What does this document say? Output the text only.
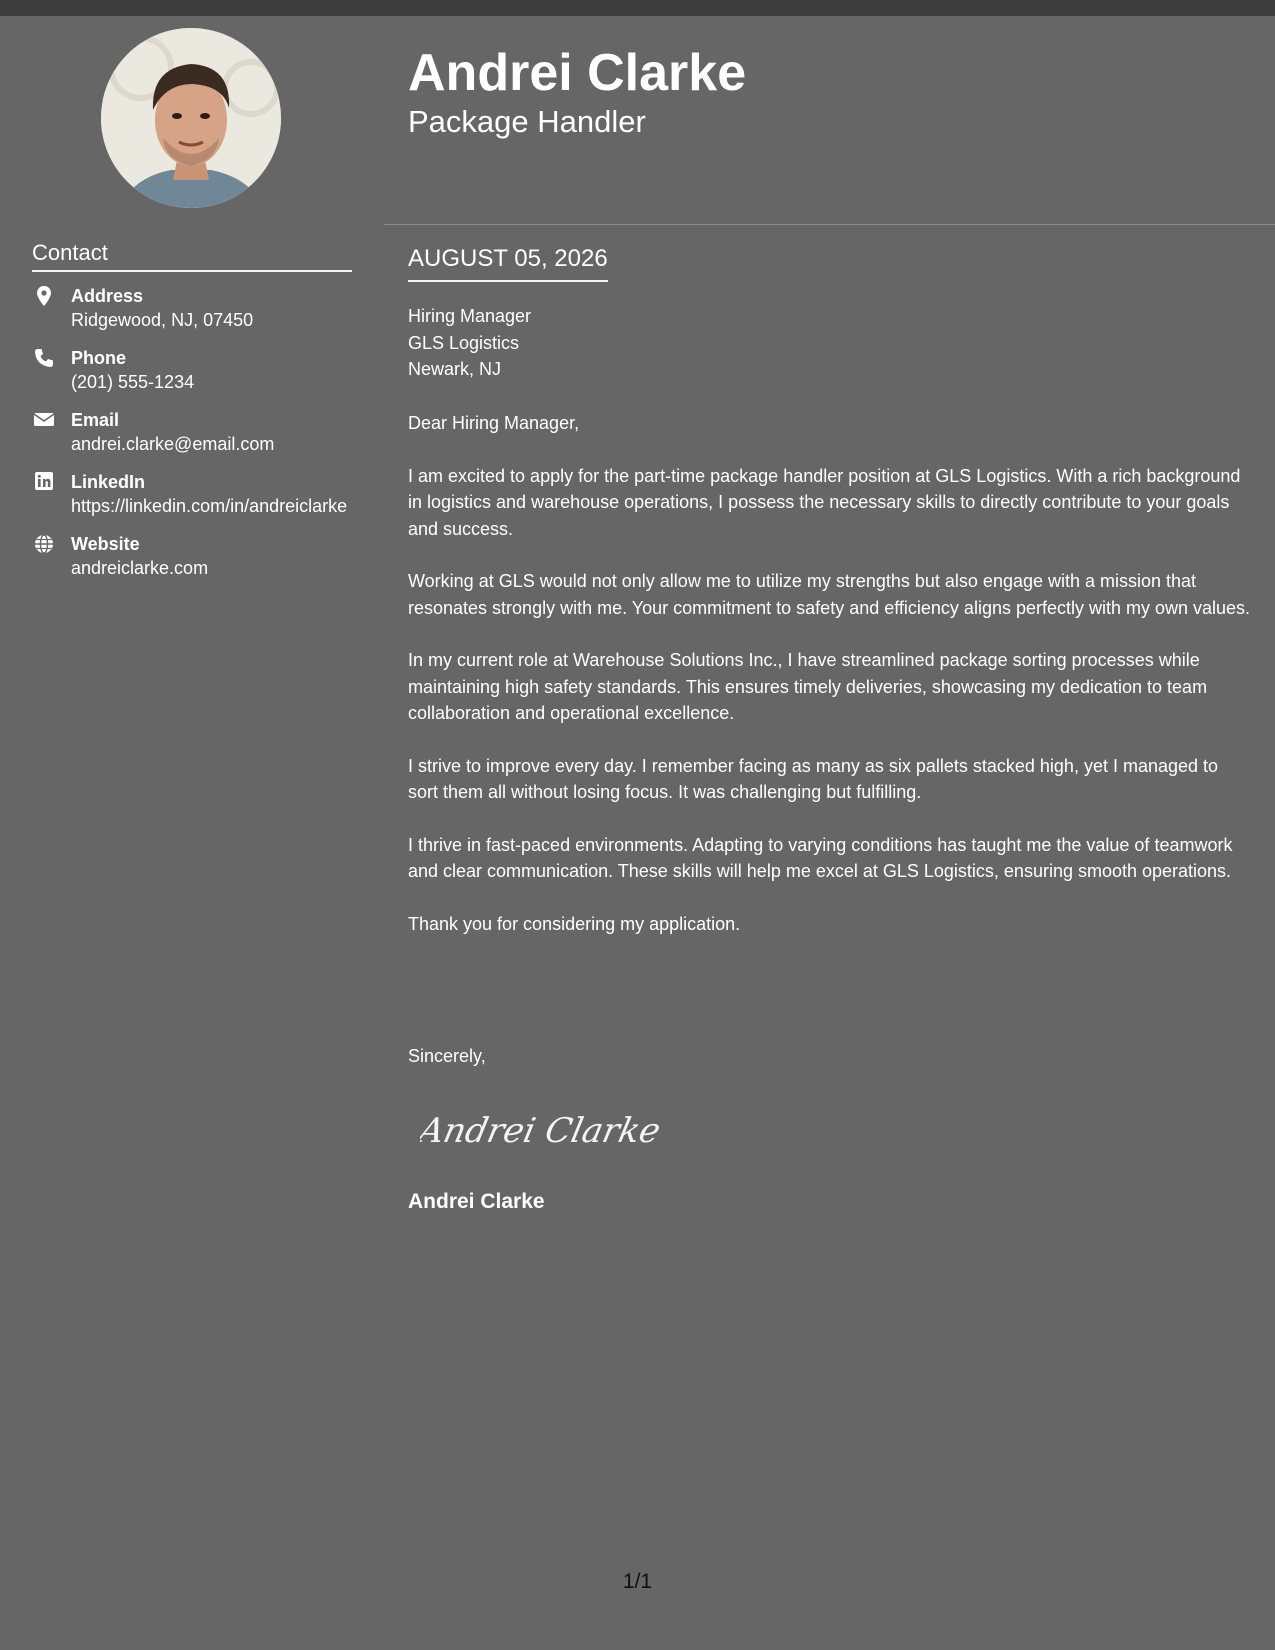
Contact
Address
Ridgewood, NJ, 07450
Phone
(201) 555-1234
Email
andrei.clarke@email.com
LinkedIn
https://linkedin.com/in/andreiclarke
Website
andreiclarke.com
Andrei Clarke
Package Handler
AUGUST 05, 2026
Hiring Manager
GLS Logistics
Newark, NJ

Dear Hiring Manager,

I am excited to apply for the part-time package handler position at GLS Logistics. With a rich background in logistics and warehouse operations, I possess the necessary skills to directly contribute to your goals and success.

Working at GLS would not only allow me to utilize my strengths but also engage with a mission that resonates strongly with me. Your commitment to safety and efficiency aligns perfectly with my own values.

In my current role at Warehouse Solutions Inc., I have streamlined package sorting processes while maintaining high safety standards. This ensures timely deliveries, showcasing my dedication to team collaboration and operational excellence.

I strive to improve every day. I remember facing as many as six pallets stacked high, yet I managed to sort them all without losing focus. It was challenging but fulfilling.

I thrive in fast-paced environments. Adapting to varying conditions has taught me the value of teamwork and clear communication. These skills will help me excel at GLS Logistics, ensuring smooth operations.

Thank you for considering my application.

Sincerely,
Andrei Clarke
Andrei Clarke
1/1
